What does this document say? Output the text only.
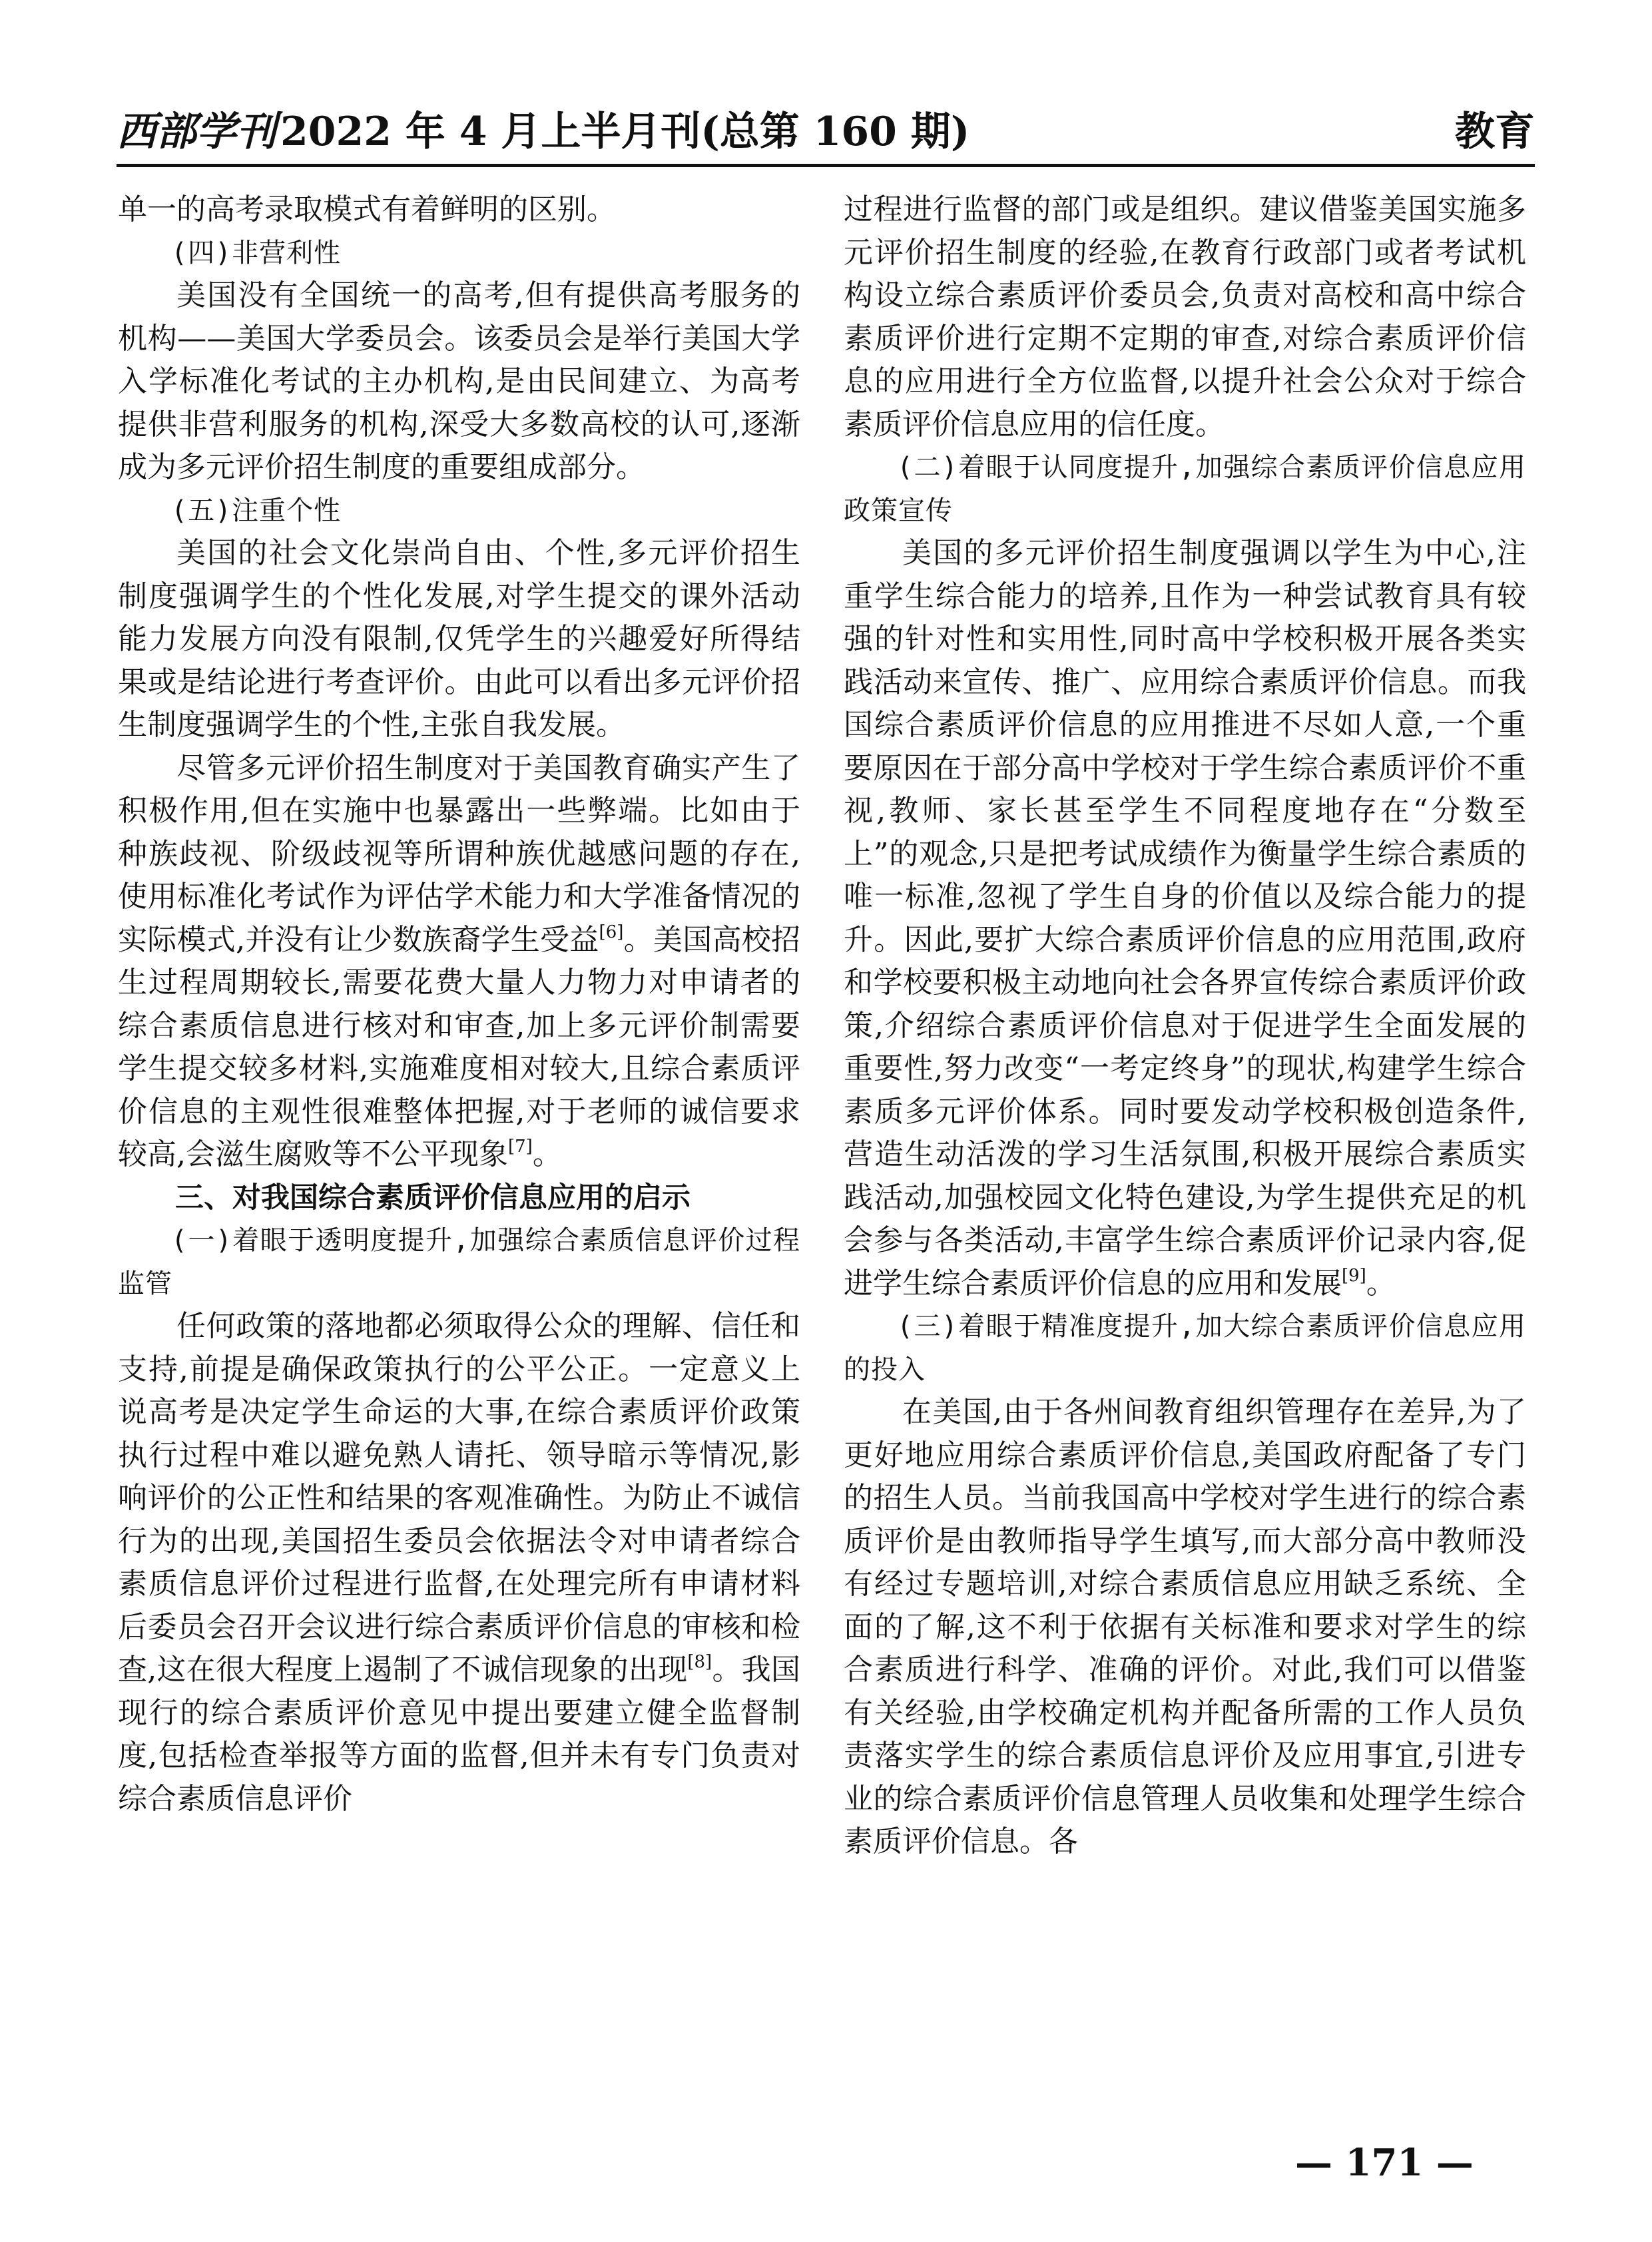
西部学刊 2022 年 4 月上半月刊(总第 160 期)	教育

单一的高考录取模式有着鲜明的区别。

(四)非营利性

美国没有全国统一的高考,但有提供高考服务的机构——美国大学委员会。该委员会是举行美国大学入学标准化考试的主办机构,是由民间建立、为高考提供非营利服务的机构,深受大多数高校的认可,逐渐成为多元评价招生制度的重要组成部分。

(五)注重个性

美国的社会文化崇尚自由、个性,多元评价招生制度强调学生的个性化发展,对学生提交的课外活动能力发展方向没有限制,仅凭学生的兴趣爱好所得结果或是结论进行考查评价。由此可以看出多元评价招生制度强调学生的个性,主张自我发展。

尽管多元评价招生制度对于美国教育确实产生了积极作用,但在实施中也暴露出一些弊端。比如由于种族歧视、阶级歧视等所谓种族优越感问题的存在,使用标准化考试作为评估学术能力和大学准备情况的实际模式,并没有让少数族裔学生受益[6]。美国高校招生过程周期较长,需要花费大量人力物力对申请者的综合素质信息进行核对和审查,加上多元评价制需要学生提交较多材料,实施难度相对较大,且综合素质评价信息的主观性很难整体把握,对于老师的诚信要求较高,会滋生腐败等不公平现象[7]。

三、对我国综合素质评价信息应用的启示

(一)着眼于透明度提升,加强综合素质信息评价过程监管

任何政策的落地都必须取得公众的理解、信任和支持,前提是确保政策执行的公平公正。一定意义上说高考是决定学生命运的大事,在综合素质评价政策执行过程中难以避免熟人请托、领导暗示等情况,影响评价的公正性和结果的客观准确性。为防止不诚信行为的出现,美国招生委员会依据法令对申请者综合素质信息评价过程进行监督,在处理完所有申请材料后委员会召开会议进行综合素质评价信息的审核和检查,这在很大程度上遏制了不诚信现象的出现[8]。我国现行的综合素质评价意见中提出要建立健全监督制度,包括检查举报等方面的监督,但并未有专门负责对综合素质信息评价

过程进行监督的部门或是组织。建议借鉴美国实施多元评价招生制度的经验,在教育行政部门或者考试机构设立综合素质评价委员会,负责对高校和高中综合素质评价进行定期不定期的审查,对综合素质评价信息的应用进行全方位监督,以提升社会公众对于综合素质评价信息应用的信任度。

(二)着眼于认同度提升,加强综合素质评价信息应用政策宣传

美国的多元评价招生制度强调以学生为中心,注重学生综合能力的培养,且作为一种尝试教育具有较强的针对性和实用性,同时高中学校积极开展各类实践活动来宣传、推广、应用综合素质评价信息。而我国综合素质评价信息的应用推进不尽如人意,一个重要原因在于部分高中学校对于学生综合素质评价不重视,教师、家长甚至学生不同程度地存在“分数至上”的观念,只是把考试成绩作为衡量学生综合素质的唯一标准,忽视了学生自身的价值以及综合能力的提升。因此,要扩大综合素质评价信息的应用范围,政府和学校要积极主动地向社会各界宣传综合素质评价政策,介绍综合素质评价信息对于促进学生全面发展的重要性,努力改变“一考定终身”的现状,构建学生综合素质多元评价体系。同时要发动学校积极创造条件,营造生动活泼的学习生活氛围,积极开展综合素质实践活动,加强校园文化特色建设,为学生提供充足的机会参与各类活动,丰富学生综合素质评价记录内容,促进学生综合素质评价信息的应用和发展[9]。

(三)着眼于精准度提升,加大综合素质评价信息应用的投入

在美国,由于各州间教育组织管理存在差异,为了更好地应用综合素质评价信息,美国政府配备了专门的招生人员。当前我国高中学校对学生进行的综合素质评价是由教师指导学生填写,而大部分高中教师没有经过专题培训,对综合素质信息应用缺乏系统、全面的了解,这不利于依据有关标准和要求对学生的综合素质进行科学、准确的评价。对此,我们可以借鉴有关经验,由学校确定机构并配备所需的工作人员负责落实学生的综合素质信息评价及应用事宜,引进专业的综合素质评价信息管理人员收集和处理学生综合素质评价信息。各

— 171 —
